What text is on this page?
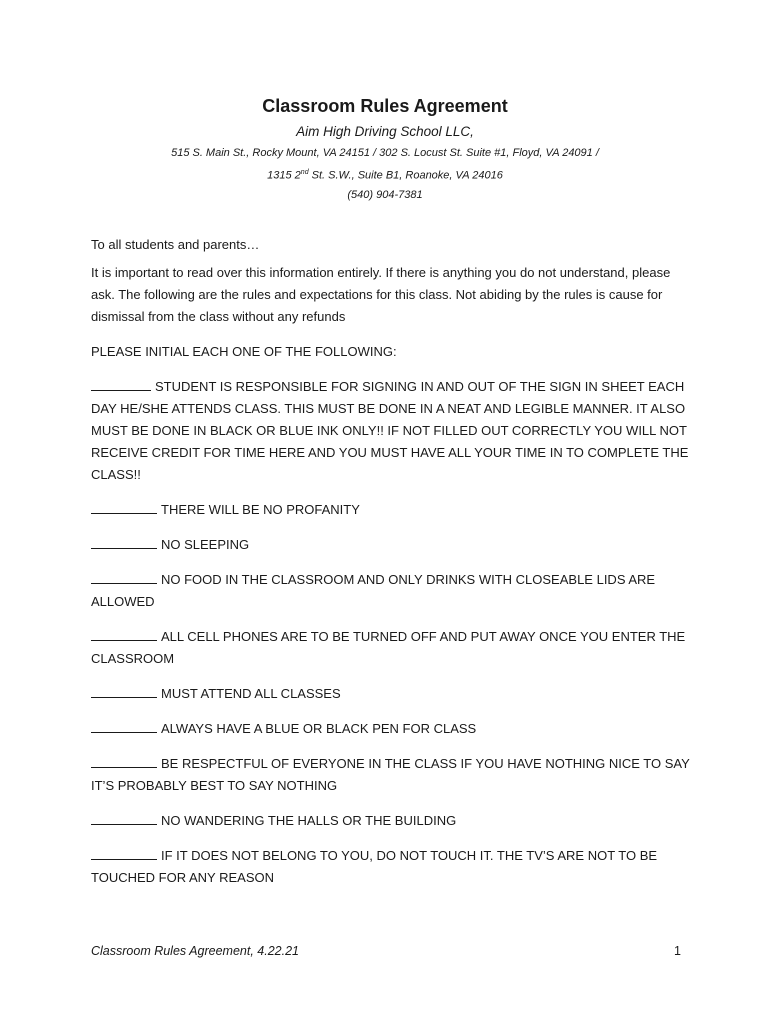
Classroom Rules Agreement
Aim High Driving School LLC,
515 S. Main St., Rocky Mount, VA 24151 / 302 S. Locust St. Suite #1, Floyd, VA 24091 /
1315 2nd St. S.W., Suite B1, Roanoke, VA 24016
(540) 904-7381

To all students and parents…

It is important to read over this information entirely. If there is anything you do not understand, please ask. The following are the rules and expectations for this class. Not abiding by the rules is cause for dismissal from the class without any refunds

PLEASE INITIAL EACH ONE OF THE FOLLOWING:

STUDENT IS RESPONSIBLE FOR SIGNING IN AND OUT OF THE SIGN IN SHEET EACH DAY HE/SHE ATTENDS CLASS. THIS MUST BE DONE IN A NEAT AND LEGIBLE MANNER. IT ALSO MUST BE DONE IN BLACK OR BLUE INK ONLY!! IF NOT FILLED OUT CORRECTLY YOU WILL NOT RECEIVE CREDIT FOR TIME HERE AND YOU MUST HAVE ALL YOUR TIME IN TO COMPLETE THE CLASS!!

THERE WILL BE NO PROFANITY

NO SLEEPING

NO FOOD IN THE CLASSROOM AND ONLY DRINKS WITH CLOSEABLE LIDS ARE ALLOWED

ALL CELL PHONES ARE TO BE TURNED OFF AND PUT AWAY ONCE YOU ENTER THE CLASSROOM

MUST ATTEND ALL CLASSES

ALWAYS HAVE A BLUE OR BLACK PEN FOR CLASS

BE RESPECTFUL OF EVERYONE IN THE CLASS IF YOU HAVE NOTHING NICE TO SAY IT’S PROBABLY BEST TO SAY NOTHING

NO WANDERING THE HALLS OR THE BUILDING

IF IT DOES NOT BELONG TO YOU, DO NOT TOUCH IT. THE TV’S ARE NOT TO BE TOUCHED FOR ANY REASON

Classroom Rules Agreement, 4.22.21	1
